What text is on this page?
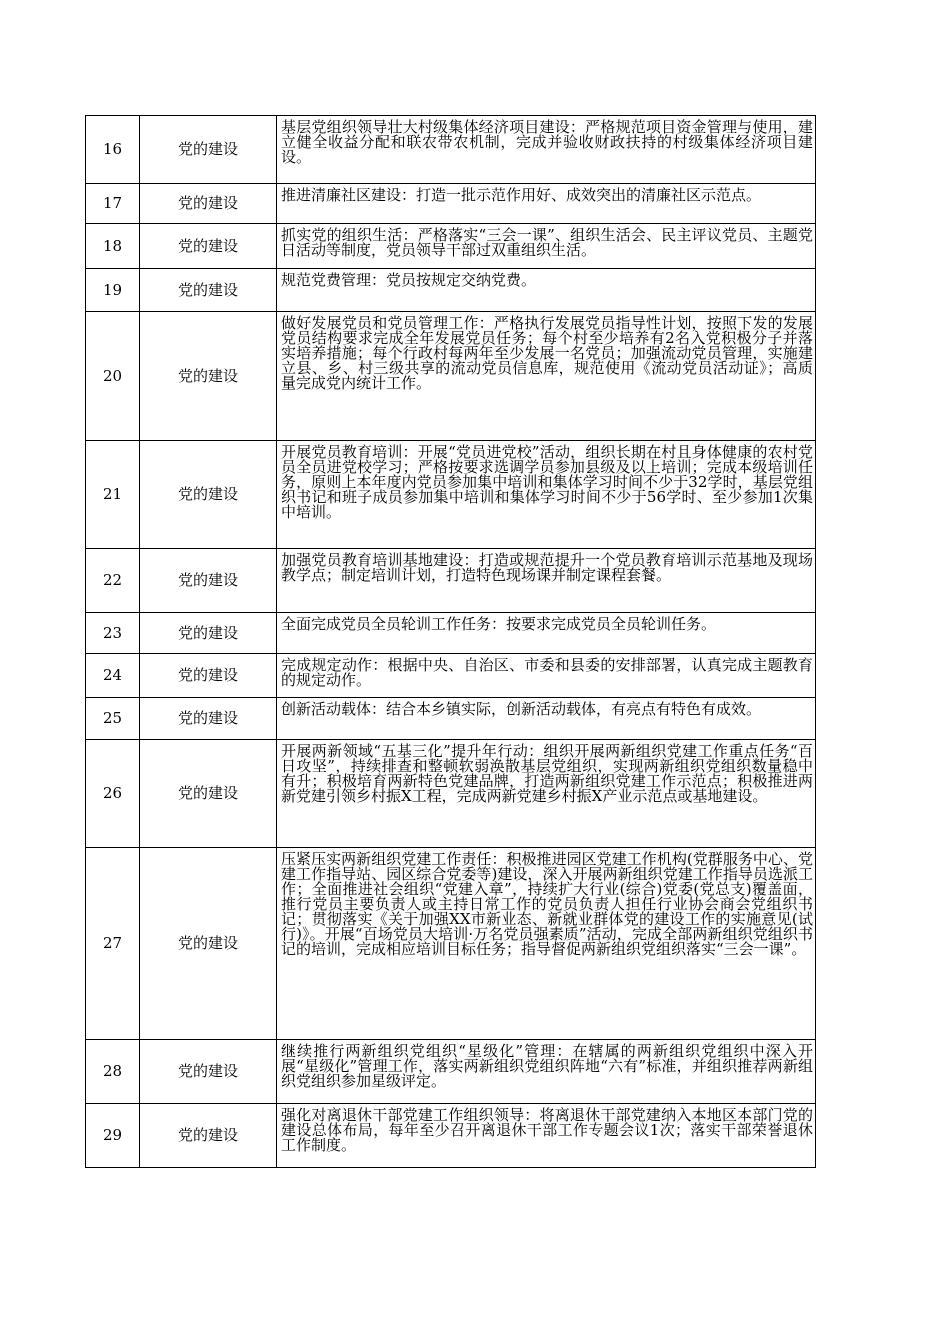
16	党的建设	基层党组织领导壮大村级集体经济项目建设：严格规范项目资金管理与使用，建立健全收益分配和联农带农机制，完成并验收财政扶持的村级集体经济项目建设。
17	党的建设	推进清廉社区建设：打造一批示范作用好、成效突出的清廉社区示范点。
18	党的建设	抓实党的组织生活：严格落实“三会一课”、组织生活会、民主评议党员、主题党日活动等制度，党员领导干部过双重组织生活。
19	党的建设	规范党费管理：党员按规定交纳党费。
20	党的建设	做好发展党员和党员管理工作：严格执行发展党员指导性计划，按照下发的发展党员结构要求完成全年发展党员任务；每个村至少培养有2名入党积极分子并落实培养措施；每个行政村每两年至少发展一名党员；加强流动党员管理，实施建立县、乡、村三级共享的流动党员信息库，规范使用《流动党员活动证》；高质量完成党内统计工作。
21	党的建设	开展党员教育培训：开展“党员进党校”活动，组织长期在村且身体健康的农村党员全员进党校学习；严格按要求选调学员参加县级及以上培训；完成本级培训任务，原则上本年度内党员参加集中培训和集体学习时间不少于32学时，基层党组织书记和班子成员参加集中培训和集体学习时间不少于56学时、至少参加1次集中培训。
22	党的建设	加强党员教育培训基地建设：打造或规范提升一个党员教育培训示范基地及现场教学点；制定培训计划，打造特色现场课并制定课程套餐。
23	党的建设	全面完成党员全员轮训工作任务：按要求完成党员全员轮训任务。
24	党的建设	完成规定动作：根据中央、自治区、市委和县委的安排部署，认真完成主题教育的规定动作。
25	党的建设	创新活动载体：结合本乡镇实际，创新活动载体，有亮点有特色有成效。
26	党的建设	开展两新领域“五基三化”提升年行动：组织开展两新组织党建工作重点任务“百日攻坚”，持续排查和整顿软弱涣散基层党组织，实现两新组织党组织数量稳中有升；积极培育两新特色党建品牌，打造两新组织党建工作示范点；积极推进两新党建引领乡村振X工程，完成两新党建乡村振X产业示范点或基地建设。
27	党的建设	压紧压实两新组织党建工作责任：积极推进园区党建工作机构(党群服务中心、党建工作指导站、园区综合党委等)建设，深入开展两新组织党建工作指导员选派工作；全面推进社会组织“党建入章”，持续扩大行业(综合)党委(党总支)覆盖面，推行党员主要负责人或主持日常工作的党员负责人担任行业协会商会党组织书记；贯彻落实《关于加强XX市新业态、新就业群体党的建设工作的实施意见(试行)》。开展“百场党员大培训·万名党员强素质”活动，完成全部两新组织党组织书记的培训，完成相应培训目标任务；指导督促两新组织党组织落实“三会一课”。
28	党的建设	继续推行两新组织党组织“星级化”管理：在辖属的两新组织党组织中深入开展“星级化”管理工作，落实两新组织党组织阵地“六有”标准，并组织推荐两新组织党组织参加星级评定。
29	党的建设	强化对离退休干部党建工作组织领导：将离退休干部党建纳入本地区本部门党的建设总体布局，每年至少召开离退休干部工作专题会议1次；落实干部荣誉退休工作制度。
